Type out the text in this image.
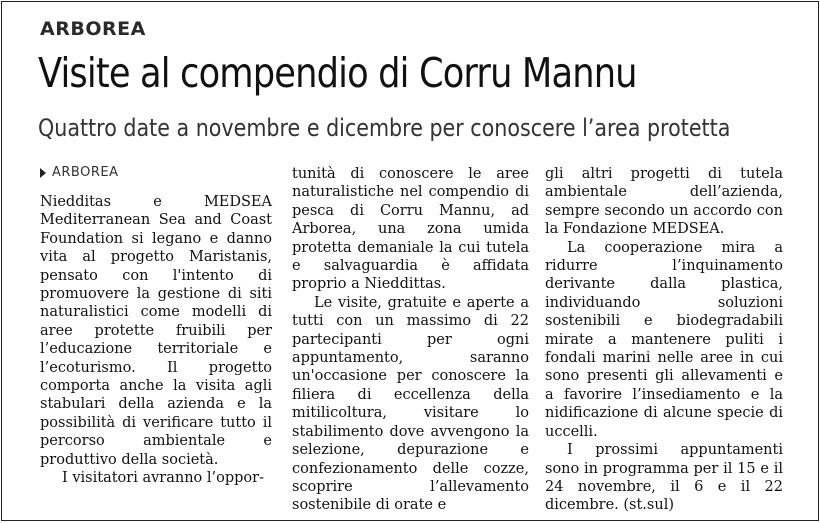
ARBOREA
Visite al compendio di Corru Mannu
Quattro date a novembre e dicembre per conoscere l’area protetta
ARBOREA

Niedditas e MEDSEA Mediterranean Sea and Coast Foundation si legano e danno vita al progetto Maristanis, pensato con l'intento di promuovere la gestione di siti naturalistici come modelli di aree protette fruibili per l’educazione territoriale e l’ecoturismo. Il progetto comporta anche la visita agli stabulari della azienda e la possibilità di verificare tutto il percorso ambientale e produttivo della società.

I visitatori avranno l’oppor-

tunità di conoscere le aree naturalistiche nel compendio di pesca di Corru Mannu, ad Arborea, una zona umida protetta demaniale la cui tutela e salvaguardia è affidata proprio a Nieddittas.

Le visite, gratuite e aperte a tutti con un massimo di 22 partecipanti per ogni appuntamento, saranno un'occasione per conoscere la filiera di eccellenza della mitilicoltura, visitare lo stabilimento dove avvengono la selezione, depurazione e confezionamento delle cozze, scoprire l’allevamento sostenibile di orate e

gli altri progetti di tutela ambientale dell’azienda, sempre secondo un accordo con la Fondazione MEDSEA.

La cooperazione mira a ridurre l’inquinamento derivante dalla plastica, individuando soluzioni sostenibili e biodegradabili mirate a mantenere puliti i fondali marini nelle aree in cui sono presenti gli allevamenti e a favorire l’insediamento e la nidificazione di alcune specie di uccelli.

I prossimi appuntamenti sono in programma per il 15 e il 24 novembre, il 6 e il 22 dicembre. (st.sul)
